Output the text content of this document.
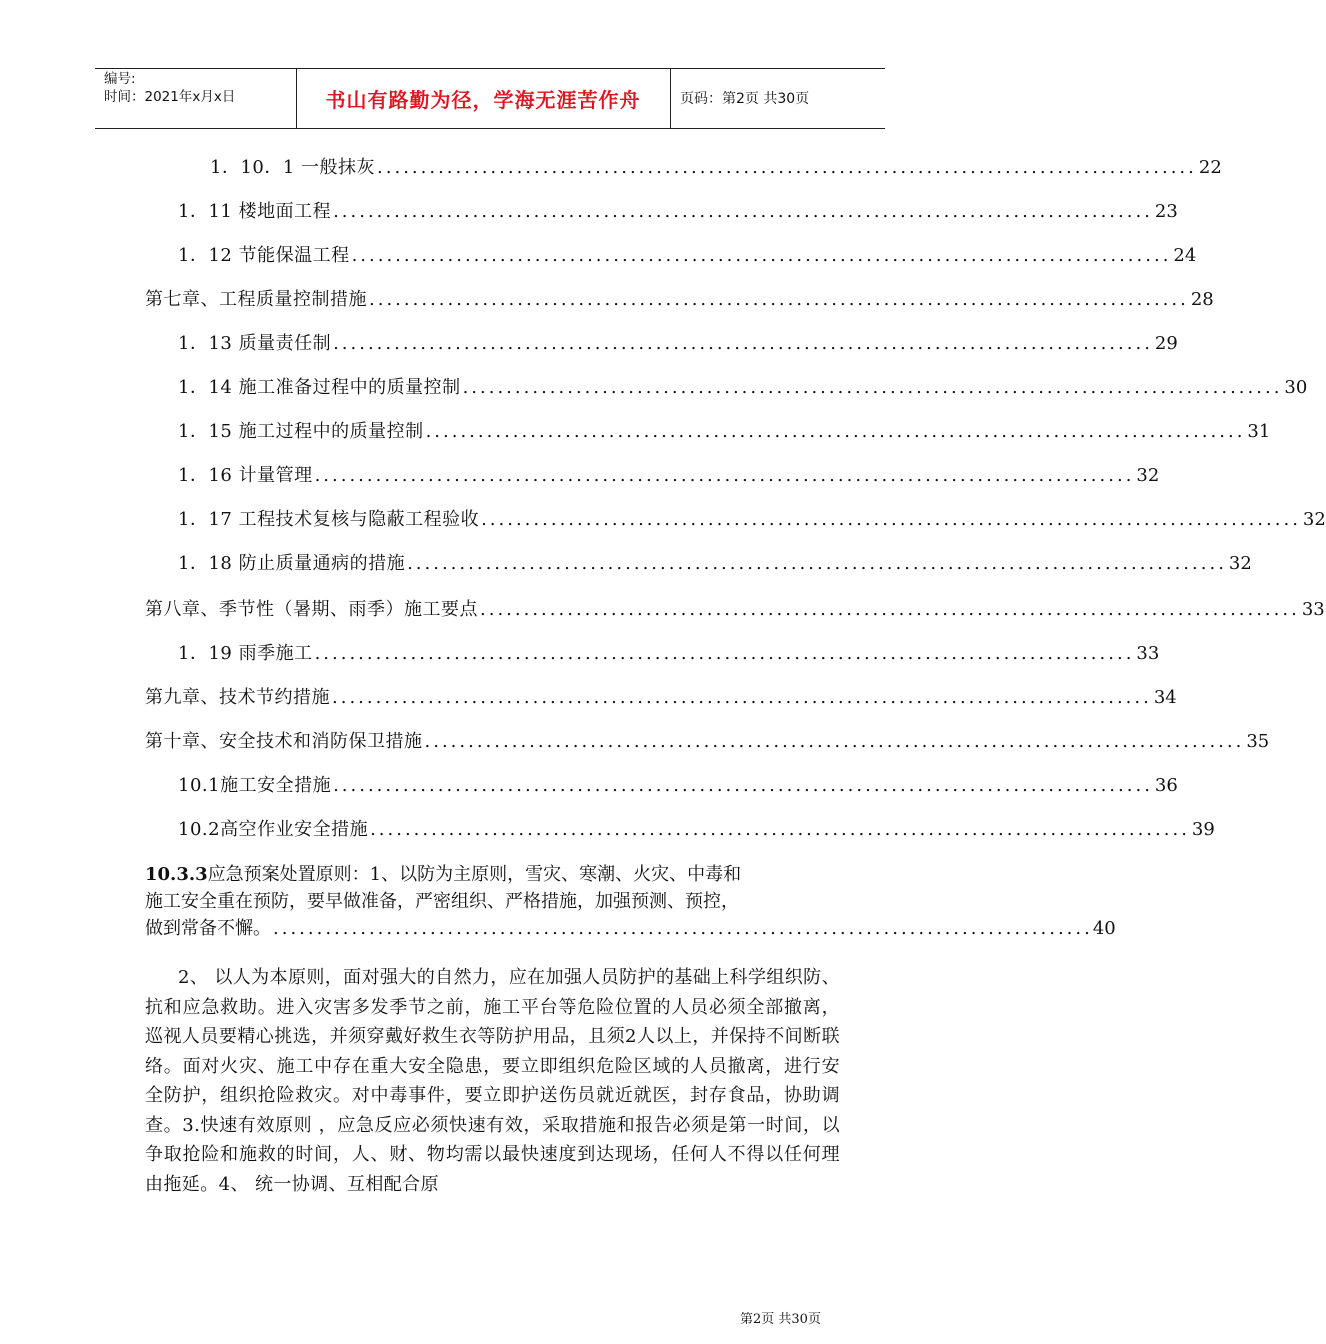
编号:
时间：2021年x月x日	书山有路勤为径，学海无涯苦作舟	页码：第2页 共30页
1．10．1 一般抹灰 .............................................................................................. 22
1．11 楼地面工程 .............................................................................................. 23
1．12 节能保温工程 .............................................................................................. 24
第七章、工程质量控制措施 .............................................................................................. 28
1．13 质量责任制 .............................................................................................. 29
1．14 施工准备过程中的质量控制 .............................................................................................. 30
1．15 施工过程中的质量控制 .............................................................................................. 31
1．16 计量管理 .............................................................................................. 32
1．17 工程技术复核与隐蔽工程验收 .............................................................................................. 32
1．18 防止质量通病的措施 .............................................................................................. 32
第八章、季节性（暑期、雨季）施工要点 .............................................................................................. 33
1．19 雨季施工 .............................................................................................. 33
第九章、技术节约措施 .............................................................................................. 34
第十章、安全技术和消防保卫措施 .............................................................................................. 35
10.1施工安全措施 .............................................................................................. 36
10.2高空作业安全措施 .............................................................................................. 39
10.3.3应急预案处置原则：1、以防为主原则，雪灾、寒潮、火灾、中毒和
施工安全重在预防，要早做准备，严密组织、严格措施，加强预测、预控，
做到常备不懈。 .............................................................................................. 40
2、 以人为本原则，面对强大的自然力，应在加强人员防护的基础上科学组织防、抗和应急救助。进入灾害多发季节之前，施工平台等危险位置的人员必须全部撤离，巡视人员要精心挑选，并须穿戴好救生衣等防护用品，且须2人以上，并保持不间断联络。面对火灾、施工中存在重大安全隐患，要立即组织危险区域的人员撤离，进行安全防护，组织抢险救灾。对中毒事件，要立即护送伤员就近就医，封存食品，协助调查。3.快速有效原则 ，应急反应必须快速有效，采取措施和报告必须是第一时间，以争取抢险和施救的时间，人、财、物均需以最快速度到达现场，任何人不得以任何理由拖延。4、 统一协调、互相配合原
第2页 共30页
